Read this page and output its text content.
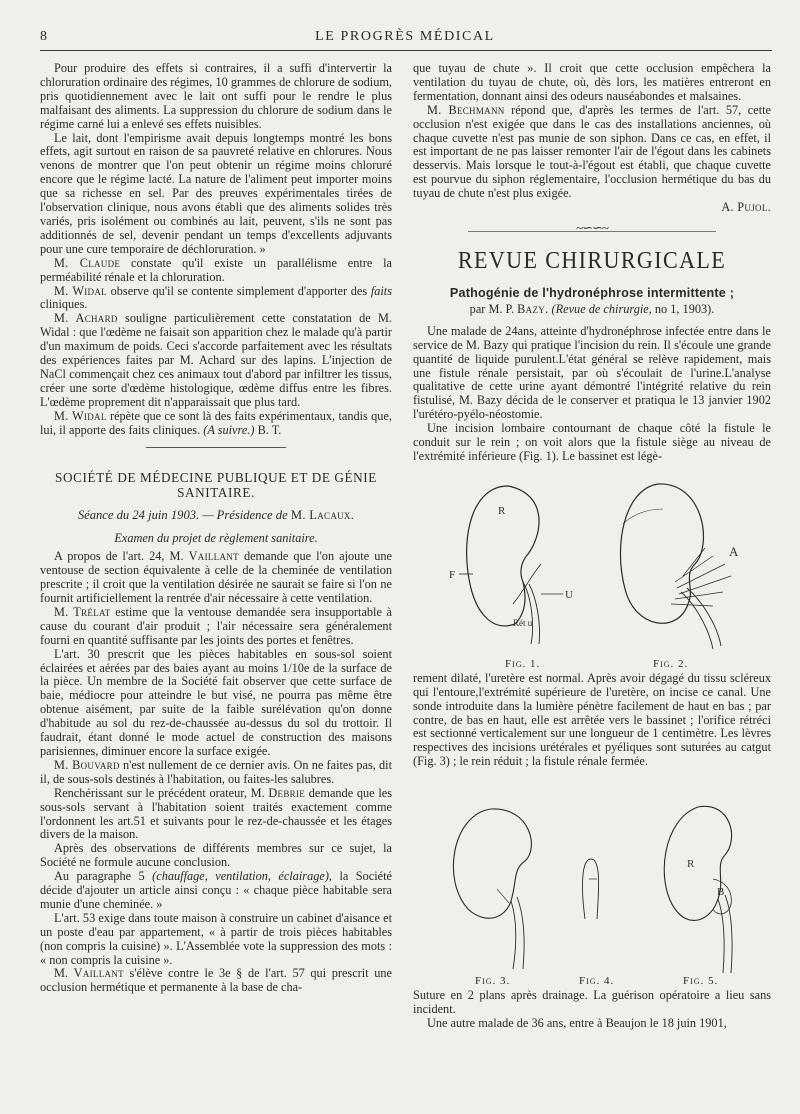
8	LE PROGRÈS MÉDICAL

Pour produire des effets si contraires, il a suffi d'intervertir la chloruration ordinaire des régimes, 10 grammes de chlorure de sodium, pris quotidiennement avec le lait ont suffi pour le rendre le plus malfaisant des aliments. La suppression du chlorure de sodium dans le régime carné lui a enlevé ses effets nuisibles.

Le lait, dont l'empirisme avait depuis longtemps montré les bons effets, agit surtout en raison de sa pauvreté relative en chlorures. Nous venons de montrer que l'on peut obtenir un régime moins chloruré encore que le régime lacté. La nature de l'aliment peut importer moins que sa richesse en sel. Par des preuves expérimentales tirées de l'observation clinique, nous avons établi que des aliments solides très variés, pris isolément ou combinés au lait, peuvent, s'ils ne sont pas additionnés de sel, devenir pendant un temps d'excellents adjuvants pour une cure temporaire de déchloruration. »

M. Claude constate qu'il existe un parallélisme entre la perméabilité rénale et la chloruration.

M. Widal observe qu'il se contente simplement d'apporter des faits cliniques.

M. Achard souligne particulièrement cette constatation de M. Widal : que l'œdème ne faisait son apparition chez le malade qu'à partir d'un maximum de poids. Ceci s'accorde parfaitement avec les résultats des expériences faites par M. Achard sur des lapins. L'injection de NaCl commençait chez ces animaux tout d'abord par infiltrer les tissus, créer une sorte d'œdème histologique, œdème diffus entre les fibres. L'œdème proprement dit n'apparaissait que plus tard.

M. Widal répète que ce sont là des faits expérimentaux, tandis que, lui, il apporte des faits cliniques. (A suivre.) B. T.

SOCIÉTÉ DE MÉDECINE PUBLIQUE ET DE GÉNIE SANITAIRE.

Séance du 24 juin 1903. — Présidence de M. Lacaux.

Examen du projet de règlement sanitaire.

A propos de l'art. 24, M. Vaillant demande que l'on ajoute une ventouse de section équivalente à celle de la cheminée de ventilation prescrite ; il croit que la ventilation désirée ne saurait se faire si l'on ne fournit artificiellement la rentrée d'air nécessaire à cette ventilation.

M. Trélat estime que la ventouse demandée sera insupportable à cause du courant d'air produit ; l'air nécessaire sera généralement fourni en quantité suffisante par les joints des portes et fenêtres.

L'art. 30 prescrit que les pièces habitables en sous-sol soient éclairées et aérées par des baies ayant au moins 1/10e de la surface de la pièce. Un membre de la Société fait observer que cette surface de baie, médiocre pour atteindre le but visé, ne pourra pas même être obtenue aisément, par suite de la faible surélévation qu'on donne d'habitude au sol du rez-de-chaussée au-dessus du sol du trottoir. Il faudrait, étant donné le mode actuel de construction des maisons parisiennes, diminuer encore la surface exigée.

M. Bouvard n'est nullement de ce dernier avis. On ne faites pas, dit il, de sous-sols destinés à l'habitation, ou faites-les salubres.

Renchérissant sur le précédent orateur, M. Debrie demande que les sous-sols servant à l'habitation soient traités exactement comme l'ordonnent les art.51 et suivants pour le rez-de-chaussée et les étages divers de la maison.

Après des observations de différents membres sur ce sujet, la Société ne formule aucune conclusion.

Au paragraphe 5 (chauffage, ventilation, éclairage), la Société décide d'ajouter un article ainsi conçu : « chaque pièce habitable sera munie d'une cheminée. »

L'art. 53 exige dans toute maison à construire un cabinet d'aisance et un poste d'eau par appartement, « à partir de trois pièces habitables (non compris la cuisine) ». L'Assemblée vote la suppression des mots : « non compris la cuisine ».

M. Vaillant s'élève contre le 3e § de l'art. 57 qui prescrit une occlusion hermétique et permanente à la base de cha-

que tuyau de chute ». Il croit que cette occlusion empêchera la ventilation du tuyau de chute, où, dès lors, les matières entreront en fermentation, donnant ainsi des odeurs nauséabondes et malsaines.

M. Bechmann répond que, d'après les termes de l'art. 57, cette occlusion n'est exigée que dans le cas des installations anciennes, où chaque cuvette n'est pas munie de son siphon. Dans ce cas, en effet, il est important de ne pas laisser remonter l'air de l'égout dans les cabinets desservis. Mais lorsque le tout-à-l'égout est établi, que chaque cuvette est pourvue du siphon réglementaire, l'occlusion hermétique du bas du tuyau de chute n'est plus exigée.

A. Pujol.

~∽∽~
REVUE CHIRURGICALE

Pathogénie de l'hydronéphrose intermittente ;

par M. P. Bazy. (Revue de chirurgie, no 1, 1903).

Une malade de 24ans, atteinte d'hydronéphrose infectée entre dans le service de M. Bazy qui pratique l'incision du rein. Il s'écoule une grande quantité de liquide purulent.L'état général se relève rapidement, mais une fistule rénale persistait, par où s'écoulait de l'urine.L'analyse qualitative de cette urine ayant démontré l'intégrité relative du rein fistulisé, M. Bazy décida de le conserver et pratiqua le 13 janvier 1902 l'urétéro-pyélo-néostomie.

Une incision lombaire contournant de chaque côté la fistule le conduit sur le rein ; on voit alors que la fistule siège au niveau de l'extrémité inférieure (Fig. 1). Le bassinet est légè-

R
F
U
Rét u
A
Fig. 1.	Fig. 2.

rement dilaté, l'uretère est normal. Après avoir dégagé du tissu scléreux qui l'entoure,l'extrémité supérieure de l'uretère, on incise ce canal. Une sonde introduite dans la lumière pénètre facilement de haut en bas ; par contre, de bas en haut, elle est arrêtée vers le bassinet ; l'orifice rétréci est sectionné verticalement sur une longueur de 1 centimètre. Les lèvres respectives des incisions urétérales et pyéliques sont suturées au catgut (Fig. 3) ; le rein réduit ; la fistule rénale fermée.

R
B
Fig. 3.	Fig. 4.	Fig. 5.

Suture en 2 plans après drainage. La guérison opératoire a lieu sans incident.

Une autre malade de 36 ans, entre à Beaujon le 18 juin 1901,
